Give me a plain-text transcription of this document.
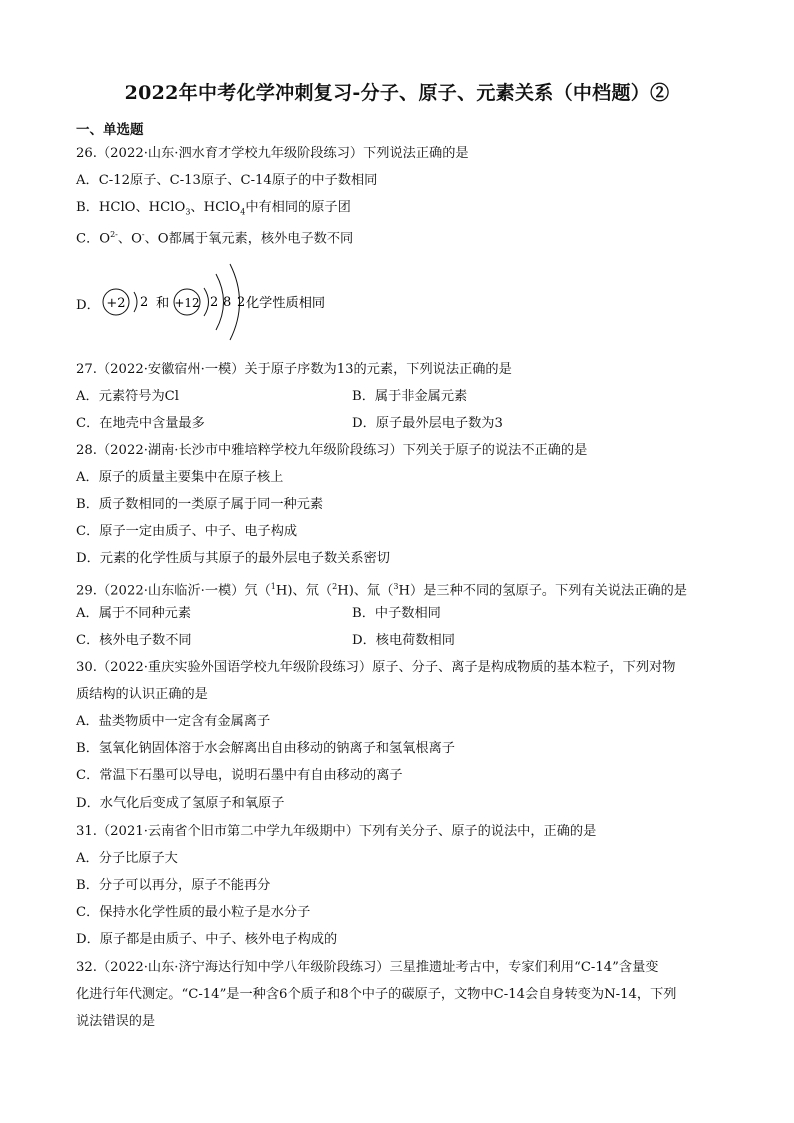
2022年中考化学冲刺复习-分子、原子、元素关系（中档题）②
一、单选题
26.（2022·山东·泗水育才学校九年级阶段练习）下列说法正确的是
A．C-12原子、C-13原子、C-14原子的中子数相同
B．HClO、HClO$_3$、HClO$_4$中有相同的原子团
C．$O^{2-}$、O-、O都属于氧元素，核外电子数不同
D． +2 2 和 +12 2 8 2 化学性质相同
27.（2022·安徽宿州·一模）关于原子序数为13的元素，下列说法正确的是
A．元素符号为Cl	B．属于非金属元素
C．在地壳中含量最多	D．原子最外层电子数为3
28.（2022·湖南·长沙市中雅培粹学校九年级阶段练习）下列关于原子的说法不正确的是
A．原子的质量主要集中在原子核上
B．质子数相同的一类原子属于同一种元素
C．原子一定由质子、中子、电子构成
D．元素的化学性质与其原子的最外层电子数关系密切
29.（2022·山东临沂·一模）氕（$^1$H)、氘（$^2$H)、氚（$^3$H）是三种不同的氢原子。下列有关说法正确的是
A．属于不同种元素	B．中子数相同
C．核外电子数不同	D．核电荷数相同
30.（2022·重庆实验外国语学校九年级阶段练习）原子、分子、离子是构成物质的基本粒子，下列对物
质结构的认识正确的是
A．盐类物质中一定含有金属离子
B．氢氧化钠固体溶于水会解离出自由移动的钠离子和氢氧根离子
C．常温下石墨可以导电，说明石墨中有自由移动的离子
D．水气化后变成了氢原子和氧原子
31.（2021·云南省个旧市第二中学九年级期中）下列有关分子、原子的说法中，正确的是
A．分子比原子大
B．分子可以再分，原子不能再分
C．保持水化学性质的最小粒子是水分子
D．原子都是由质子、中子、核外电子构成的
32.（2022·山东·济宁海达行知中学八年级阶段练习）三星推遗址考古中，专家们利用“C-14”含量变
化进行年代测定。“C-14”是一种含6个质子和8个中子的碳原子，文物中C-14会自身转变为N-14，下列
说法错误的是
